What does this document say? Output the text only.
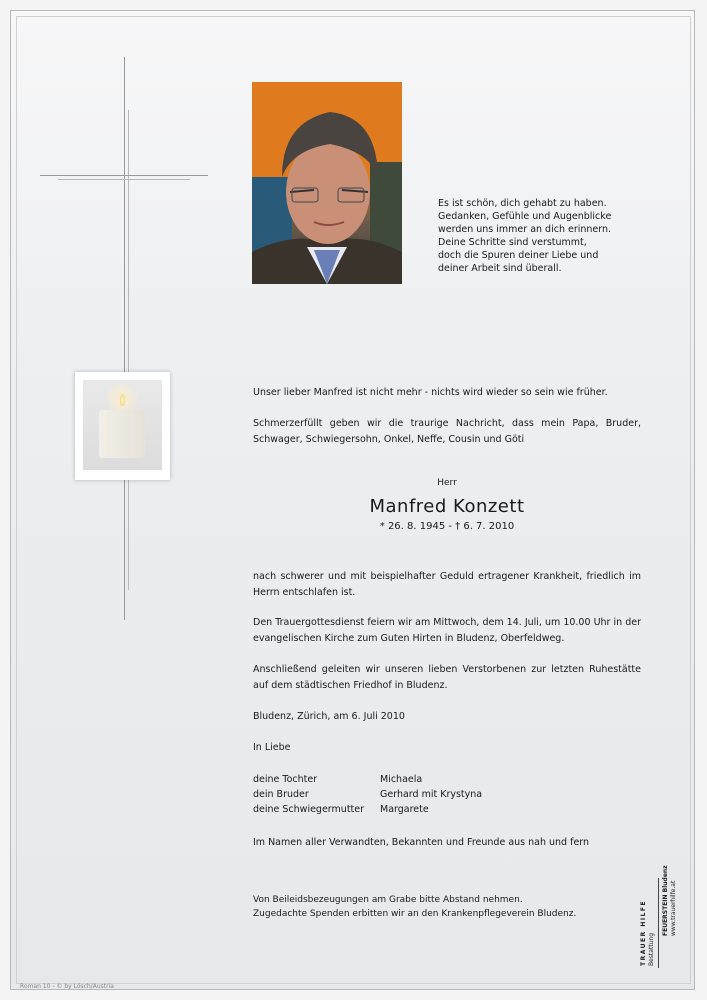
Es ist schön, dich gehabt zu haben.
Gedanken, Gefühle und Augenblicke
werden uns immer an dich erinnern.
Deine Schritte sind verstummt,
doch die Spuren deiner Liebe und
deiner Arbeit sind überall.
Unser lieber Manfred ist nicht mehr - nichts wird wieder so sein wie früher.
Schmerzerfüllt geben wir die traurige Nachricht, dass mein Papa, Bruder, Schwager, Schwiegersohn, Onkel, Neffe, Cousin und Göti
Herr
Manfred Konzett
* 26. 8. 1945 - † 6. 7. 2010
nach schwerer und mit beispielhafter Geduld ertragener Krankheit, friedlich im Herrn entschlafen ist.
Den Trauergottesdienst feiern wir am Mittwoch, dem 14. Juli, um 10.00 Uhr in der evangelischen Kirche zum Guten Hirten in Bludenz, Oberfeldweg.
Anschließend geleiten wir unseren lieben Verstorbenen zur letzten Ruhestätte auf dem städtischen Friedhof in Bludenz.
Bludenz, Zürich, am 6. Juli 2010
In Liebe
deine Tochter	Michaela
dein Bruder	Gerhard mit Krystyna
deine Schwiegermutter Margarete
Im Namen aller Verwandten, Bekannten und Freunde aus nah und fern
Von Beileidsbezeugungen am Grabe bitte Abstand nehmen.
Zugedachte Spenden erbitten wir an den Krankenpflegeverein Bludenz.	TRAUER HILFE Bestattung
FEUERSTEIN Bludenz www.trauerhilfe.at
Roman 10 - © by Lösch/Austria
